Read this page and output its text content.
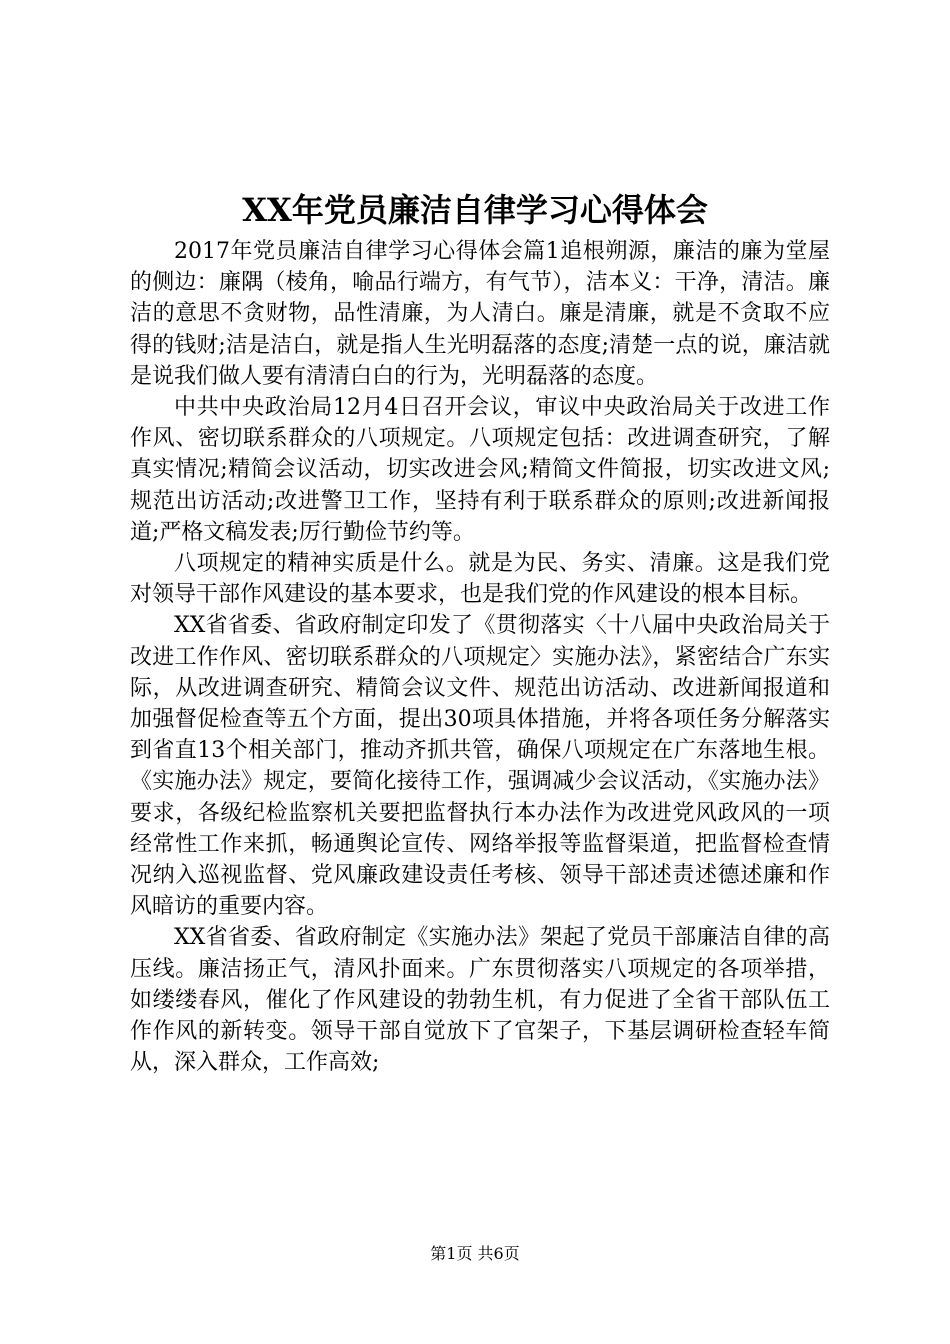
XX年党员廉洁自律学习心得体会

2017年党员廉洁自律学习心得体会篇1追根朔源，廉洁的廉为堂屋的侧边：廉隅（棱角，喻品行端方，有气节），洁本义：干净，清洁。廉洁的意思不贪财物，品性清廉，为人清白。廉是清廉，就是不贪取不应得的钱财;洁是洁白，就是指人生光明磊落的态度;清楚一点的说，廉洁就是说我们做人要有清清白白的行为，光明磊落的态度。

中共中央政治局12月4日召开会议，审议中央政治局关于改进工作作风、密切联系群众的八项规定。八项规定包括：改进调查研究，了解真实情况;精简会议活动，切实改进会风;精简文件简报，切实改进文风;规范出访活动;改进警卫工作，坚持有利于联系群众的原则;改进新闻报道;严格文稿发表;厉行勤俭节约等。

八项规定的精神实质是什么。就是为民、务实、清廉。这是我们党对领导干部作风建设的基本要求，也是我们党的作风建设的根本目标。

XX省省委、省政府制定印发了《贯彻落实〈十八届中央政治局关于改进工作作风、密切联系群众的八项规定〉实施办法》，紧密结合广东实际，从改进调查研究、精简会议文件、规范出访活动、改进新闻报道和加强督促检查等五个方面，提出30项具体措施，并将各项任务分解落实到省直13个相关部门，推动齐抓共管，确保八项规定在广东落地生根。《实施办法》规定，要简化接待工作，强调减少会议活动，《实施办法》要求，各级纪检监察机关要把监督执行本办法作为改进党风政风的一项经常性工作来抓，畅通舆论宣传、网络举报等监督渠道，把监督检查情况纳入巡视监督、党风廉政建设责任考核、领导干部述责述德述廉和作风暗访的重要内容。

XX省省委、省政府制定《实施办法》架起了党员干部廉洁自律的高压线。廉洁扬正气，清风扑面来。广东贯彻落实八项规定的各项举措，如缕缕春风，催化了作风建设的勃勃生机，有力促进了全省干部队伍工作作风的新转变。领导干部自觉放下了官架子，下基层调研检查轻车简从，深入群众，工作高效;

第1页 共6页
